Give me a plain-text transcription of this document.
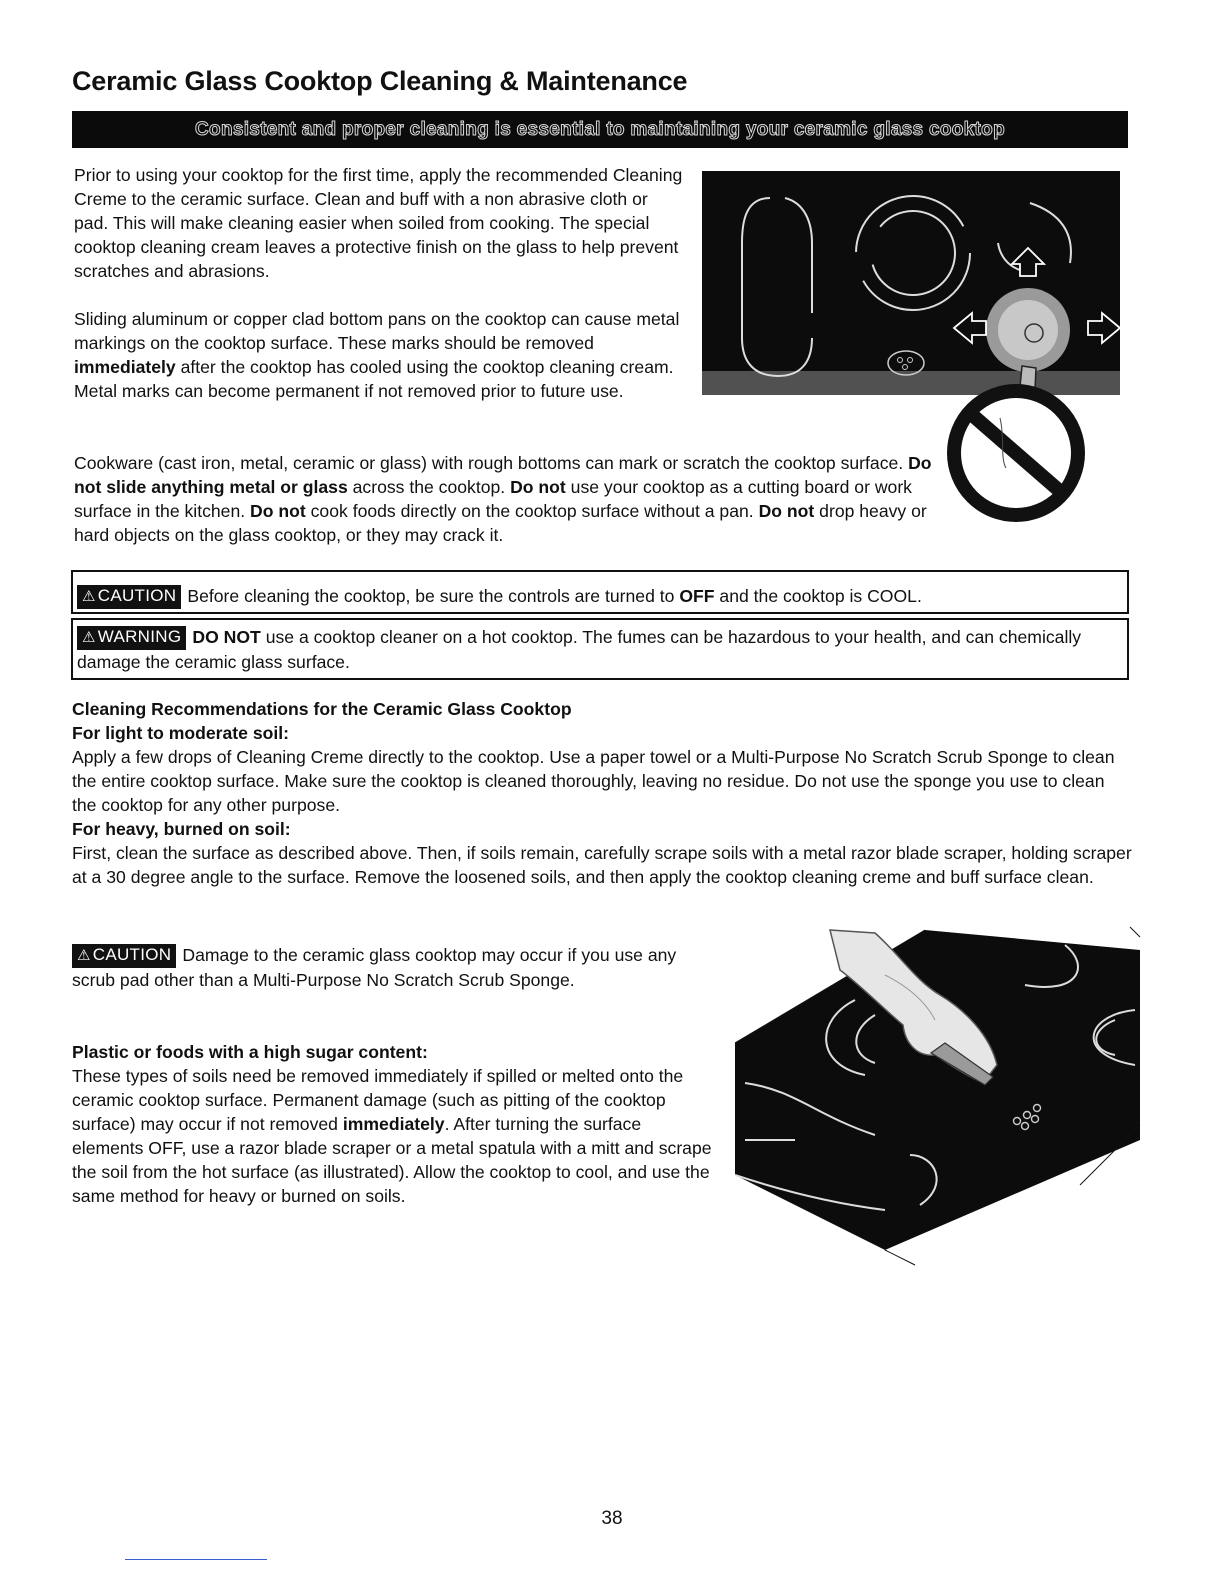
Ceramic Glass Cooktop Cleaning & Maintenance
Consistent and proper cleaning is essential to maintaining your ceramic glass cooktop

Prior to using your cooktop for the first time, apply the recommended Cleaning Creme to the ceramic surface. Clean and buff with a non abrasive cloth or pad. This will make cleaning easier when soiled from cooking. The special cooktop cleaning cream leaves a protective finish on the glass to help prevent scratches and abrasions.

Sliding aluminum or copper clad bottom pans on the cooktop can cause metal markings on the cooktop surface. These marks should be removed immediately after the cooktop has cooled using the cooktop cleaning cream. Metal marks can become permanent if not removed prior to future use.

Cookware (cast iron, metal, ceramic or glass) with rough bottoms can mark or scratch the cooktop surface. Do not slide anything metal or glass across the cooktop. Do not use your cooktop as a cutting board or work surface in the kitchen. Do not cook foods directly on the cooktop surface without a pan. Do not drop heavy or hard objects on the glass cooktop, or they may crack it.

⚠ CAUTION Before cleaning the cooktop, be sure the controls are turned to OFF and the cooktop is COOL.
⚠ WARNING DO NOT use a cooktop cleaner on a hot cooktop. The fumes can be hazardous to your health, and can chemically damage the ceramic glass surface.

Cleaning Recommendations for the Ceramic Glass Cooktop

For light to moderate soil:

Apply a few drops of Cleaning Creme directly to the cooktop. Use a paper towel or a Multi-Purpose No Scratch Scrub Sponge to clean the entire cooktop surface. Make sure the cooktop is cleaned thoroughly, leaving no residue. Do not use the sponge you use to clean the cooktop for any other purpose.

For heavy, burned on soil:

First, clean the surface as described above. Then, if soils remain, carefully scrape soils with a metal razor blade scraper, holding scraper at a 30 degree angle to the surface. Remove the loosened soils, and then apply the cooktop cleaning creme and buff surface clean.

⚠ CAUTION Damage to the ceramic glass cooktop may occur if you use any scrub pad other than a Multi-Purpose No Scratch Scrub Sponge.

Plastic or foods with a high sugar content:

These types of soils need be removed immediately if spilled or melted onto the ceramic cooktop surface. Permanent damage (such as pitting of the cooktop surface) may occur if not removed immediately. After turning the surface elements OFF, use a razor blade scraper or a metal spatula with a mitt and scrape the soil from the hot surface (as illustrated). Allow the cooktop to cool, and use the same method for heavy or burned on soils.

38
